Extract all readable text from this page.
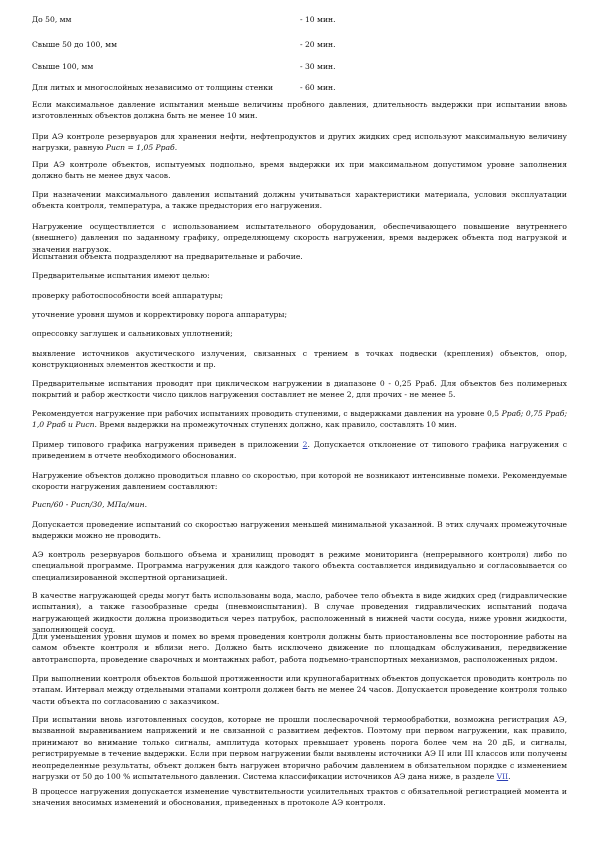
До 50, мм	- 10 мин.
Свыше 50 до 100, мм	- 20 мин.
Свыше 100, мм	- 30 мин.
Для литых и многослойных независимо от толщины стенки	- 60 мин.

Если максимальное давление испытания меньше величины пробного давления, длительность выдержки при испытании вновь изготовленных объектов должна быть не менее 10 мин.

При АЭ контроле резервуаров для хранения нефти, нефтепродуктов и других жидких сред используют максимальную величину нагрузки, равную Pисп = 1,05 Pраб.

При АЭ контроле объектов, испытуемых подпольно, время выдержки их при максимальном допустимом уровне заполнения должно быть не менее двух часов.

При назначении максимального давления испытаний должны учитываться характеристики материала, условия эксплуатации объекта контроля, температура, а также предыстория его нагружения.

Нагружение осуществляется с использованием испытательного оборудования, обеспечивающего повышение внутреннего (внешнего) давления по заданному графику, определяющему скорость нагружения, время выдержек объекта под нагрузкой и значения нагрузок.

Испытания объекта подразделяют на предварительные и рабочие.

Предварительные испытания имеют целью:

проверку работоспособности всей аппаратуры;

уточнение уровня шумов и корректировку порога аппаратуры;

опрессовку заглушек и сальниковых уплотнений;

выявление источников акустического излучения, связанных с трением в точках подвески (крепления) объектов, опор, конструкционных элементов жесткости и пр.

Предварительные испытания проводят при циклическом нагружении в диапазоне 0 - 0,25 Pраб. Для объектов без полимерных покрытий и рабор жесткости число циклов нагружения составляет не менее 2, для прочих - не менее 5.

Рекомендуется нагружение при рабочих испытаниях проводить ступенями, с выдержками давления на уровне 0,5 Pраб; 0,75 Pраб; 1,0 Pраб и Pисп. Время выдержки на промежуточных ступенях должно, как правило, составлять 10 мин.

Пример типового графика нагружения приведен в приложении 2. Допускается отклонение от типового графика нагружения с приведением в отчете необходимого обоснования.

Нагружение объектов должно проводиться плавно со скоростью, при которой не возникают интенсивные помехи. Рекомендуемые скорости нагружения давлением составляют:

Pисп/60 - Pисп/30, МПа/мин.

Допускается проведение испытаний со скоростью нагружения меньшей минимальной указанной. В этих случаях промежуточные выдержки можно не проводить.

АЭ контроль резервуаров большого объема и хранилищ проводят в режиме мониторинга (непрерывного контроля) либо по специальной программе. Программа нагружения для каждого такого объекта составляется индивидуально и согласовывается со специализированной экспертной организацией.

В качестве нагружающей среды могут быть использованы вода, масло, рабочее тело объекта в виде жидких сред (гидравлические испытания), а также газообразные среды (пневмоиспытания). В случае проведения гидравлических испытаний подача нагружающей жидкости должна производиться через патрубок, расположенный в нижней части сосуда, ниже уровня жидкости, заполняющей сосуд.

Для уменьшения уровня шумов и помех во время проведения контроля должны быть приостановлены все посторонние работы на самом объекте контроля и вблизи него. Должно быть исключено движение по площадкам обслуживания, передвижение автотранспорта, проведение сварочных и монтажных работ, работа подъемно-транспортных механизмов, расположенных рядом.

При выполнении контроля объектов большой протяженности или крупногабаритных объектов допускается проводить контроль по этапам. Интервал между отдельными этапами контроля должен быть не менее 24 часов. Допускается проведение контроля только части объекта по согласованию с заказчиком.

При испытании вновь изготовленных сосудов, которые не прошли послесварочной термообработки, возможна регистрация АЭ, вызванной выравниванием напряжений и не связанной с развитием дефектов. Поэтому при первом нагружении, как правило, принимают во внимание только сигналы, амплитуда которых превышает уровень порога более чем на 20 дБ, и сигналы, регистрируемые в течение выдержки. Если при первом нагружении были выявлены источники АЭ II или III классов или получены неопределенные результаты, объект должен быть нагружен вторично рабочим давлением в обязательном порядке с изменением нагрузки от 50 до 100 % испытательного давления. Система классификации источников АЭ дана ниже, в разделе VII.

В процессе нагружения допускается изменение чувствительности усилительных трактов с обязательной регистрацией момента и значения вносимых изменений и обоснования, приведенных в протоколе АЭ контроля.
